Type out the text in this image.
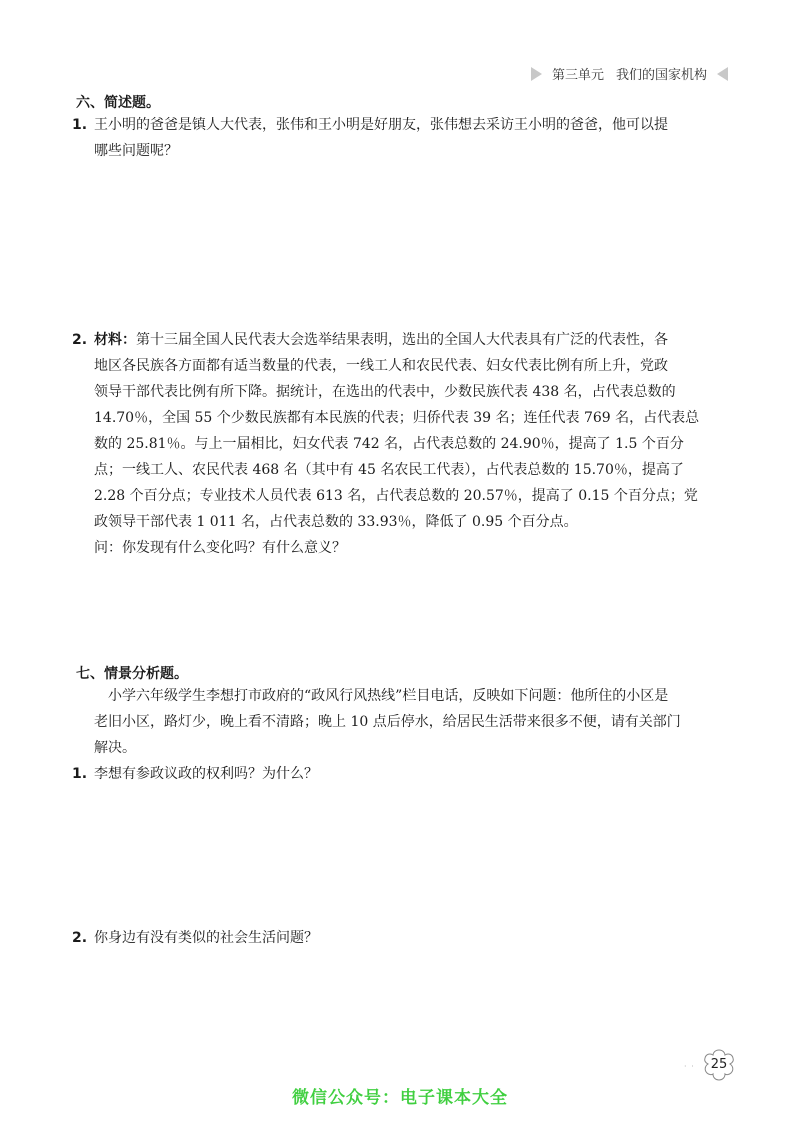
第三单元 我们的国家机构
六、简述题。
1. 王小明的爸爸是镇人大代表，张伟和王小明是好朋友，张伟想去采访王小明的爸爸，他可以提
哪些问题呢？
2. 材料：第十三届全国人民代表大会选举结果表明，选出的全国人大代表具有广泛的代表性，各
地区各民族各方面都有适当数量的代表，一线工人和农民代表、妇女代表比例有所上升，党政
领导干部代表比例有所下降。据统计，在选出的代表中，少数民族代表 438 名，占代表总数的
14.70％，全国 55 个少数民族都有本民族的代表；归侨代表 39 名；连任代表 769 名，占代表总
数的 25.81％。与上一届相比，妇女代表 742 名，占代表总数的 24.90％，提高了 1.5 个百分
点；一线工人、农民代表 468 名（其中有 45 名农民工代表），占代表总数的 15.70％，提高了
2.28 个百分点；专业技术人员代表 613 名，占代表总数的 20.57％，提高了 0.15 个百分点；党
政领导干部代表 1 011 名，占代表总数的 33.93％，降低了 0.95 个百分点。
问：你发现有什么变化吗？有什么意义？
七、情景分析题。
小学六年级学生李想打市政府的“政风行风热线”栏目电话，反映如下问题：他所住的小区是
老旧小区，路灯少，晚上看不清路；晚上 10 点后停水，给居民生活带来很多不便，请有关部门
解决。
1. 李想有参政议政的权利吗？为什么？
2. 你身边有没有类似的社会生活问题？
· ·	25
微信公众号：电子课本大全
